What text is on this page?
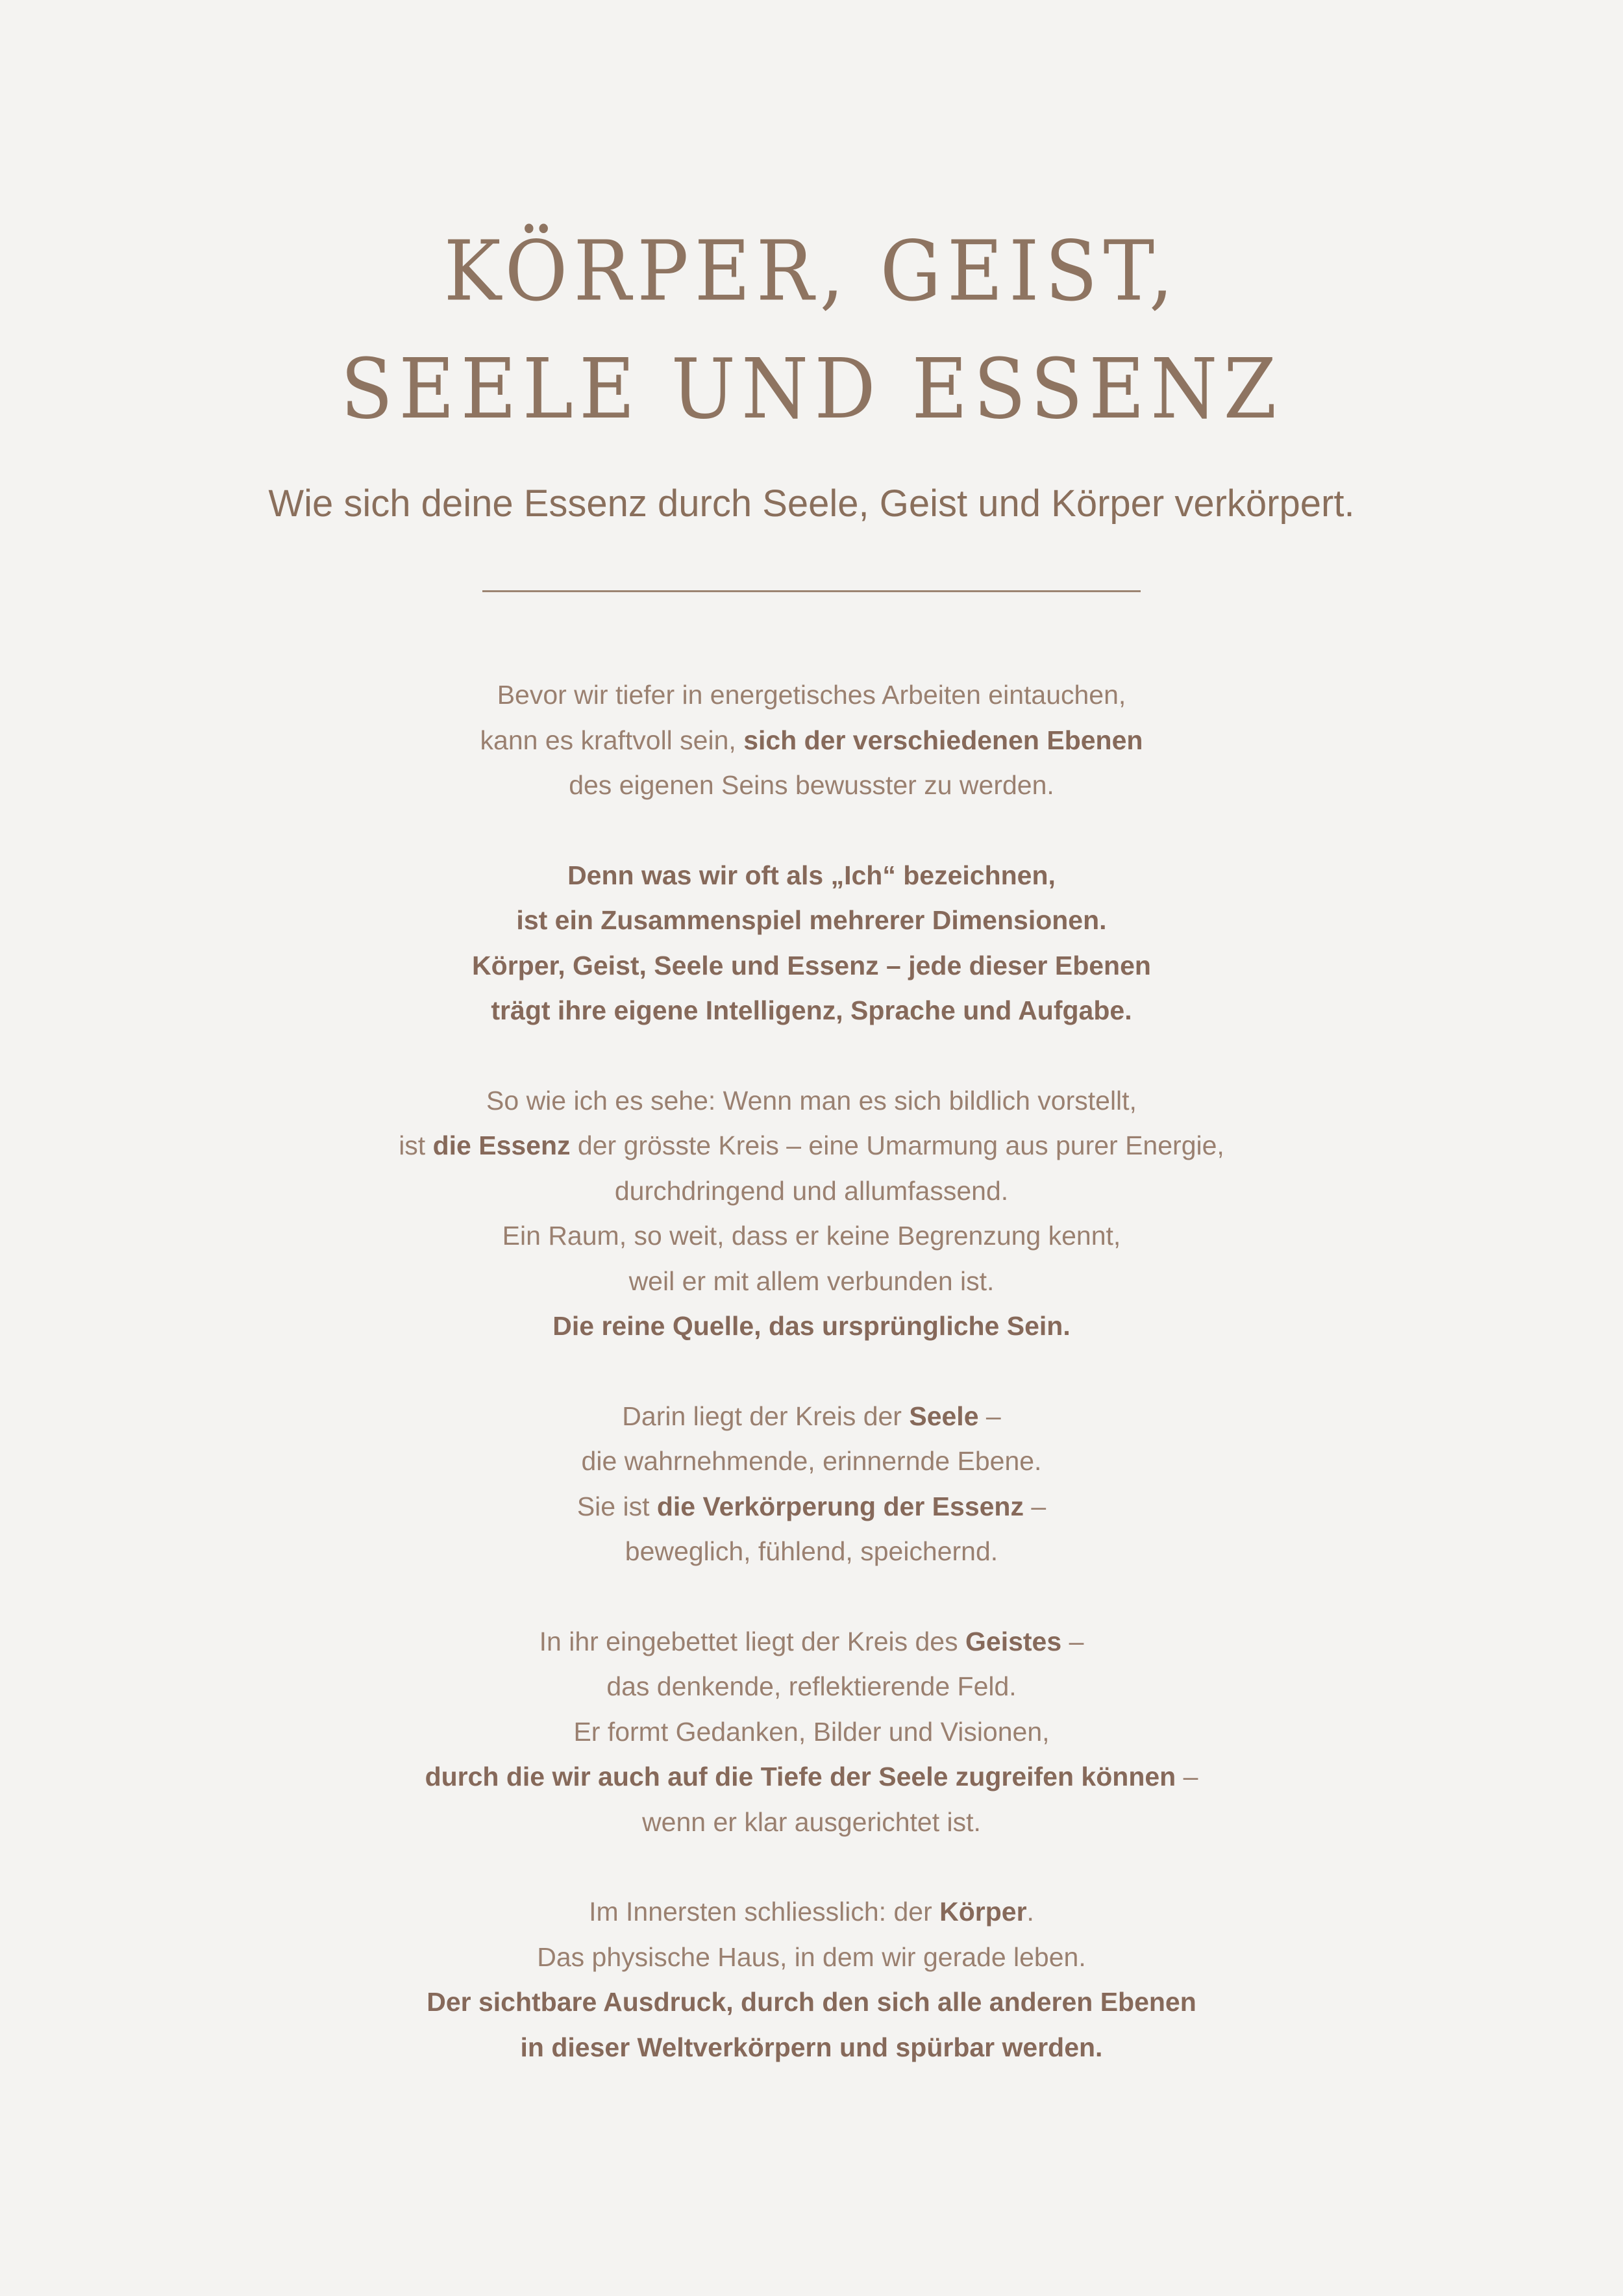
KÖRPER, GEIST,
SEELE UND ESSENZ

Wie sich deine Essenz durch Seele, Geist und Körper verkörpert.

Bevor wir tiefer in energetisches Arbeiten eintauchen,
kann es kraftvoll sein, sich der verschiedenen Ebenen
des eigenen Seins bewusster zu werden.
Denn was wir oft als „Ich“ bezeichnen,
ist ein Zusammenspiel mehrerer Dimensionen.
Körper, Geist, Seele und Essenz – jede dieser Ebenen
trägt ihre eigene Intelligenz, Sprache und Aufgabe.
So wie ich es sehe: Wenn man es sich bildlich vorstellt,
ist die Essenz der grösste Kreis – eine Umarmung aus purer Energie,
durchdringend und allumfassend.
Ein Raum, so weit, dass er keine Begrenzung kennt,
weil er mit allem verbunden ist.
Die reine Quelle, das ursprüngliche Sein.
Darin liegt der Kreis der Seele –
die wahrnehmende, erinnernde Ebene.
Sie ist die Verkörperung der Essenz –
beweglich, fühlend, speichernd.
In ihr eingebettet liegt der Kreis des Geistes –
das denkende, reflektierende Feld.
Er formt Gedanken, Bilder und Visionen,
durch die wir auch auf die Tiefe der Seele zugreifen können –
wenn er klar ausgerichtet ist.
Im Innersten schliesslich: der Körper.
Das physische Haus, in dem wir gerade leben.
Der sichtbare Ausdruck, durch den sich alle anderen Ebenen
in dieser Weltverkörpern und spürbar werden.
